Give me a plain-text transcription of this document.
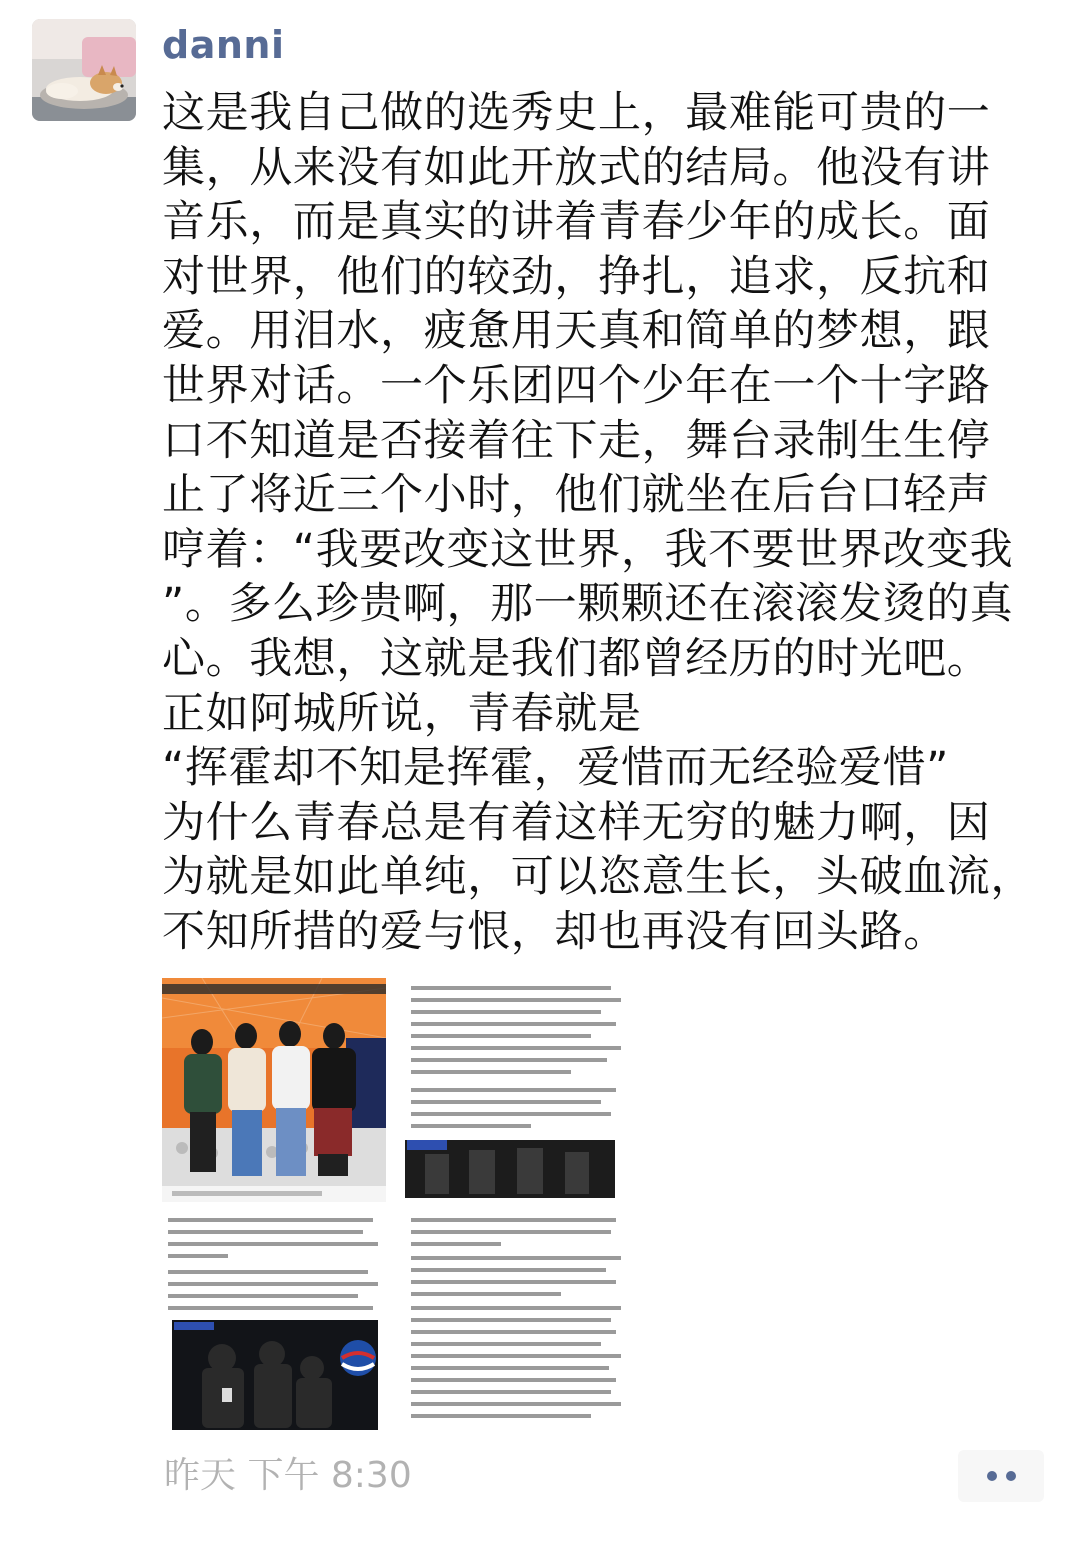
danni
这是我自己做的选秀史上，最难能可贵的一
集，从来没有如此开放式的结局。他没有讲
音乐，而是真实的讲着青春少年的成长。面
对世界，他们的较劲，挣扎，追求，反抗和
爱。用泪水，疲惫用天真和简单的梦想，跟
世界对话。一个乐团四个少年在一个十字路
口不知道是否接着往下走，舞台录制生生停
止了将近三个小时，他们就坐在后台口轻声
哼着：“我要改变这世界，我不要世界改变我
”。多么珍贵啊，那一颗颗还在滚滚发烫的真
心。我想，这就是我们都曾经历的时光吧。
正如阿城所说，青春就是
“挥霍却不知是挥霍，爱惜而无经验爱惜”
为什么青春总是有着这样无穷的魅力啊，因
为就是如此单纯，可以恣意生长，头破血流，
不知所措的爱与恨，却也再没有回头路。
昨天 下午 8:30
